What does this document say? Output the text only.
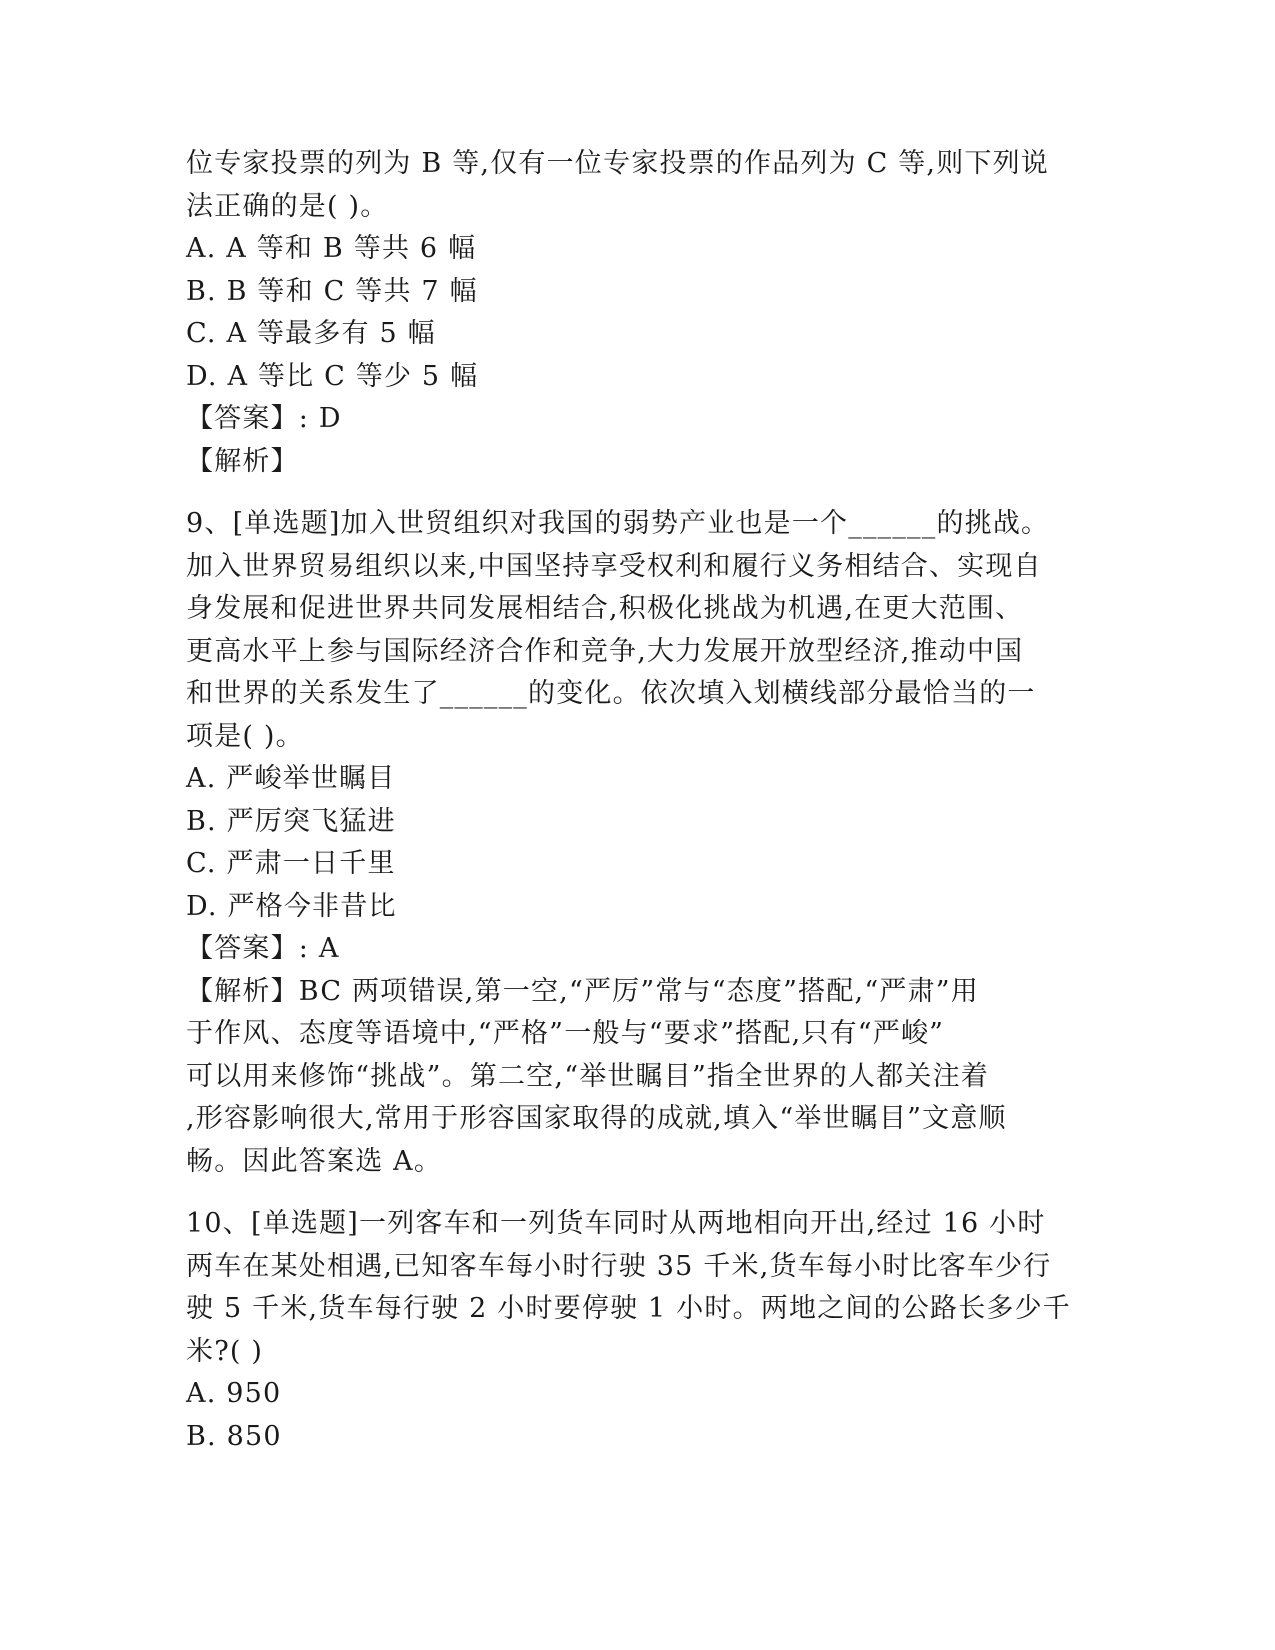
位专家投票的列为 B 等,仅有一位专家投票的作品列为 C 等,则下列说
法正确的是( )。
A. A 等和 B 等共 6 幅
B. B 等和 C 等共 7 幅
C. A 等最多有 5 幅
D. A 等比 C 等少 5 幅
【答案】: D
【解析】
9、[单选题]加入世贸组织对我国的弱势产业也是一个______的挑战。
加入世界贸易组织以来,中国坚持享受权利和履行义务相结合、实现自
身发展和促进世界共同发展相结合,积极化挑战为机遇,在更大范围、
更高水平上参与国际经济合作和竞争,大力发展开放型经济,推动中国
和世界的关系发生了______的变化。依次填入划横线部分最恰当的一
项是( )。
A. 严峻举世瞩目
B. 严厉突飞猛进
C. 严肃一日千里
D. 严格今非昔比
【答案】: A
【解析】BC 两项错误,第一空,“严厉”常与“态度”搭配,“严肃”用
于作风、态度等语境中,“严格”一般与“要求”搭配,只有“严峻”
可以用来修饰“挑战”。第二空,“举世瞩目”指全世界的人都关注着
,形容影响很大,常用于形容国家取得的成就,填入“举世瞩目”文意顺
畅。因此答案选 A。
10、[单选题]一列客车和一列货车同时从两地相向开出,经过 16 小时
两车在某处相遇,已知客车每小时行驶 35 千米,货车每小时比客车少行
驶 5 千米,货车每行驶 2 小时要停驶 1 小时。两地之间的公路长多少千
米?( )
A. 950
B. 850
